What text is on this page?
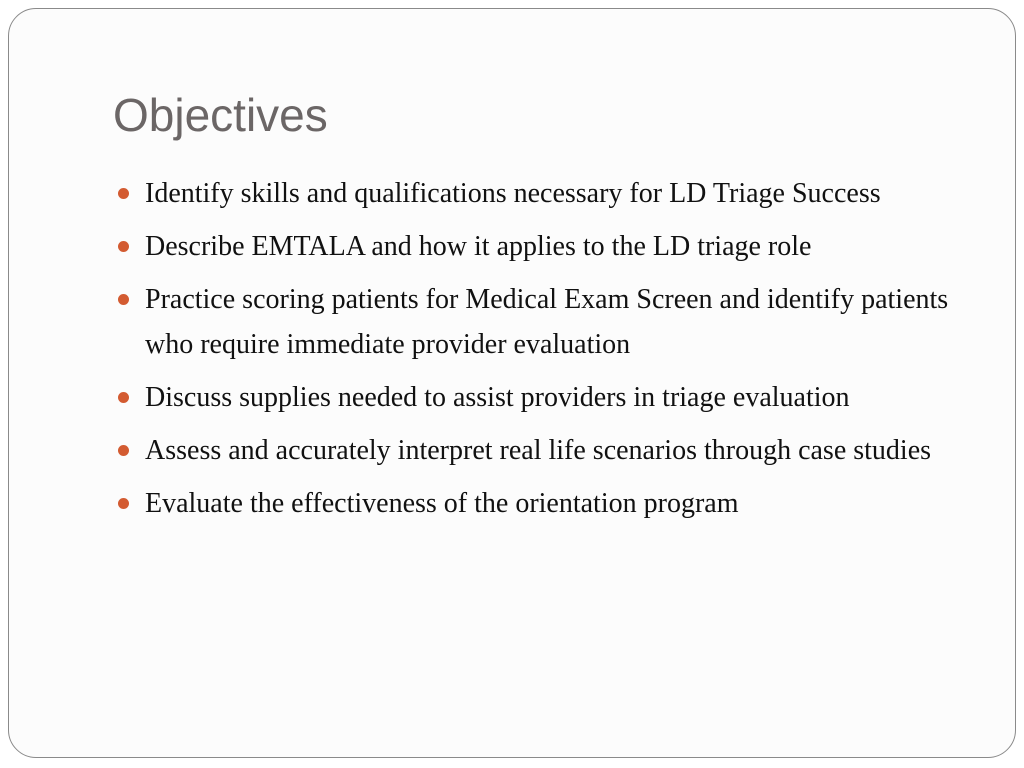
Objectives
Identify skills and qualifications necessary for LD Triage Success
Describe EMTALA and how it applies to the LD triage role
Practice scoring patients for Medical Exam Screen and identify patients who require immediate provider evaluation
Discuss supplies needed to assist providers in triage evaluation
Assess and accurately interpret real life scenarios through case studies
Evaluate the effectiveness of the orientation program
